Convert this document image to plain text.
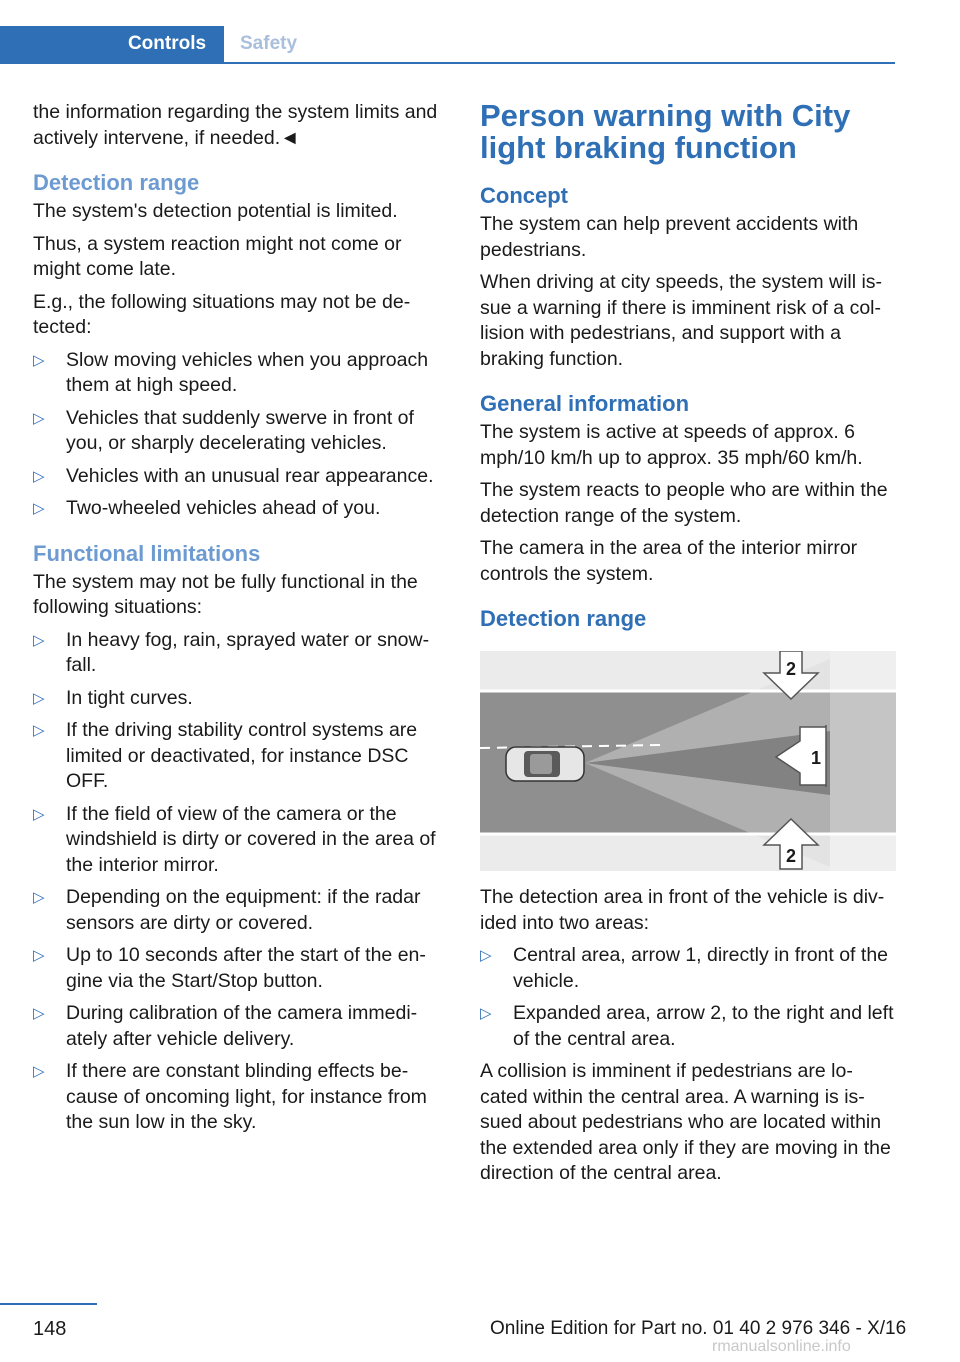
Controls	Safety

the information regarding the system limits and actively intervene, if needed.◄

Detection range

The system's detection potential is limited.

Thus, a system reaction might not come or might come late.

E.g., the following situations may not be de‐tected:

▷ Slow moving vehicles when you approach them at high speed.
▷ Vehicles that suddenly swerve in front of you, or sharply decelerating vehicles.
▷ Vehicles with an unusual rear appearance.
▷ Two-wheeled vehicles ahead of you.
Functional limitations

The system may not be fully functional in the following situations:

▷ In heavy fog, rain, sprayed water or snow‐fall.
▷ In tight curves.
▷ If the driving stability control systems are limited or deactivated, for instance DSC OFF.
▷ If the field of view of the camera or the windshield is dirty or covered in the area of the interior mirror.
▷ Depending on the equipment: if the radar sensors are dirty or covered.
▷ Up to 10 seconds after the start of the en‐gine via the Start/Stop button.
▷ During calibration of the camera immedi‐ately after vehicle delivery.
▷ If there are constant blinding effects be‐cause of oncoming light, for instance from the sun low in the sky.
Person warning with City light braking function
Concept

The system can help prevent accidents with pedestrians.

When driving at city speeds, the system will is‐sue a warning if there is imminent risk of a col‐lision with pedestrians, and support with a braking function.

General information

The system is active at speeds of approx. 6 mph/10 km/h up to approx. 35 mph/60 km/h.

The system reacts to people who are within the detection range of the system.

The camera in the area of the interior mirror controls the system.

Detection range
2
1
2

The detection area in front of the vehicle is div‐ided into two areas:

▷ Central area, arrow 1, directly in front of the vehicle.
▷ Expanded area, arrow 2, to the right and left of the central area.

A collision is imminent if pedestrians are lo‐cated within the central area. A warning is is‐sued about pedestrians who are located within the extended area only if they are moving in the direction of the central area.

148	Online Edition for Part no. 01 40 2 976 346 - X/16
rmanualsonline.info
